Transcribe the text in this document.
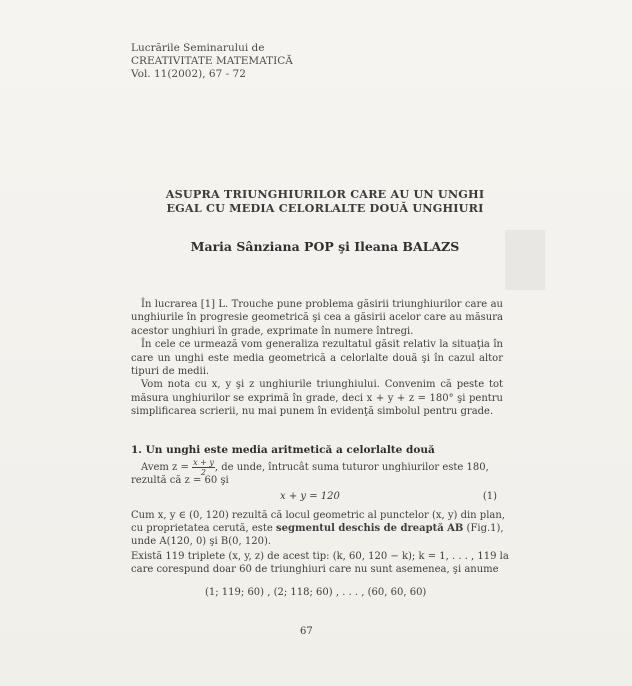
Lucrările Seminarului de
CREATIVITATE MATEMATICĂ
Vol. 11(2002), 67 - 72
ASUPRA TRIUNGHIURILOR CARE AU UN UNGHI
EGAL CU MEDIA CELORLALTE DOUĂ UNGHIURI
Maria Sânziana POP şi Ileana BALAZS

În lucrarea [1] L. Trouche pune problema găsirii triunghiurilor care au unghiurile în progresie geometrică şi cea a găsirii acelor care au măsura acestor unghiuri în grade, exprimate în numere întregi.

În cele ce urmează vom generaliza rezultatul găsit relativ la situaţia în care un unghi este media geometrică a celorlalte două şi în cazul altor tipuri de medii.

Vom nota cu x, y şi z unghiurile triunghiului. Convenim că peste tot măsura unghiurilor se exprimă în grade, deci x + y + z = 180° şi pentru simplificarea scrierii, nu mai punem în evidenţă simbolul pentru grade.

1. Un unghi este media aritmetică a celorlalte două
Avem $z = \frac{x + y}{2}$ , de unde, întrucât suma tuturor unghiurilor este 180,
rezultă că z = 60 şi
x + y = 120	(1)
Cum x, y ∈ (0, 120) rezultă că locul geometric al punctelor (x, y) din plan,
cu proprietatea cerută, este segmentul deschis de dreaptă AB (Fig.1),
unde A(120, 0) şi B(0, 120).
Există 119 triplete (x, y, z) de acest tip: (k, 60, 120 − k); k = 1, . . . , 119 la
care corespund doar 60 de triunghiuri care nu sunt asemenea, şi anume
(1; 119; 60) , (2; 118; 60) , . . . , (60, 60, 60)
67
